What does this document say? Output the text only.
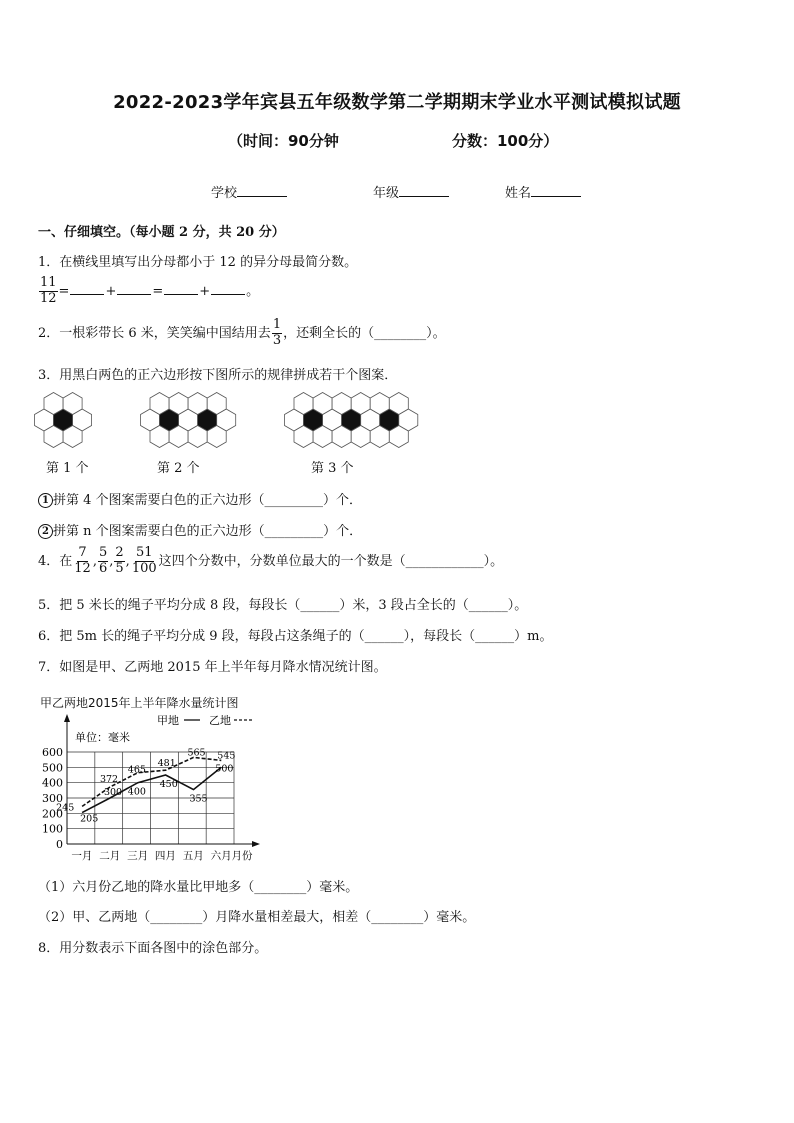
2022-2023学年宾县五年级数学第二学期期末学业水平测试模拟试题
（时间：90分钟	分数：100分）
学校	年级	姓名
一、仔细填空。（每小题 2 分，共 20 分）
1．在横线里填写出分母都小于 12 的异分母最简分数。
$\frac{11}{12}$ =	+	=	+	。
2．一根彩带长 6 米，笑笑编中国结用去 $\frac{1}{3}$ ，还剩全长的（________）。
3．用黑白两色的正六边形按下图所示的规律拼成若干个图案．
第 1 个	第 2 个	第 3 个
1 拼第 4 个图案需要白色的正六边形（_________）个．
2 拼第 n 个图案需要白色的正六边形（_________）个．
4．在 $\frac{7}{12}$ , $\frac{5}{6}$ , $\frac{2}{5}$ , $\frac{51}{100}$ 这四个分数中，分数单位最大的一个数是（____________）。
5．把 5 米长的绳子平均分成 8 段，每段长（______）米，3 段占全长的（______）。
6．把 5m 长的绳子平均分成 9 段，每段占这条绳子的（______），每段长（______）m。
7．如图是甲、乙两地 2015 年上半年每月降水情况统计图。
甲乙两地2015年上半年降水量统计图
0
100
200
300
400
500
600
一月 二月 三月 四月 五月 六月 月份
单位：毫米
甲地	乙地
205
300 400
450
355
500
245
372
465
481
565 545
（1）六月份乙地的降水量比甲地多（________）毫米。
（2）甲、乙两地（________）月降水量相差最大，相差（________）毫米。
8．用分数表示下面各图中的涂色部分。
